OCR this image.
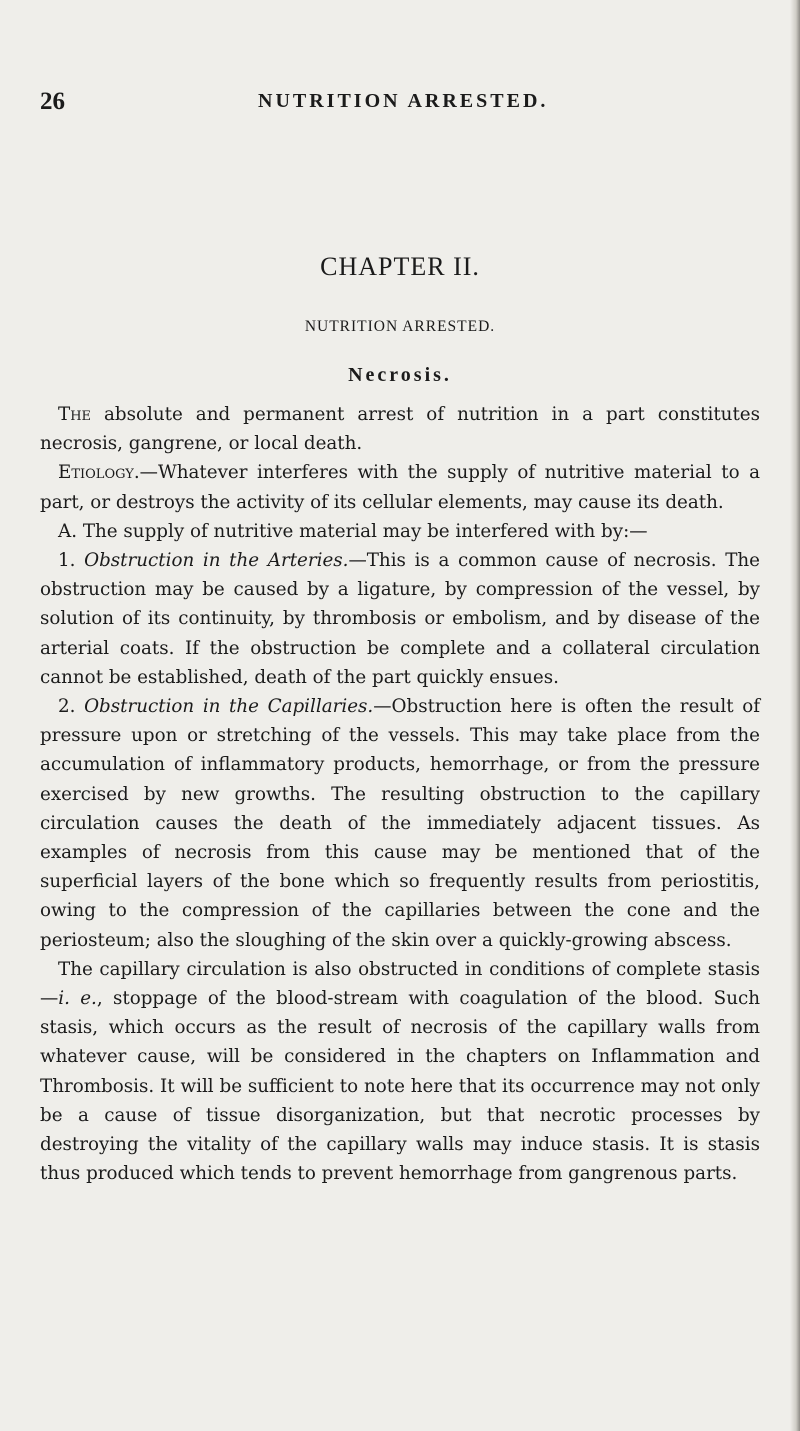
26	NUTRITION ARRESTED.
CHAPTER II.
NUTRITION ARRESTED.
Necrosis.

The absolute and permanent arrest of nutrition in a part constitutes necrosis, gangrene, or local death.

Etiology.—Whatever interferes with the supply of nutritive material to a part, or destroys the activity of its cellular elements, may cause its death.

A. The supply of nutritive material may be interfered with by:—

1. Obstruction in the Arteries.—This is a common cause of necrosis. The obstruction may be caused by a ligature, by compression of the vessel, by solution of its continuity, by thrombosis or embolism, and by disease of the arterial coats. If the obstruction be complete and a collateral circulation cannot be established, death of the part quickly ensues.

2. Obstruction in the Capillaries.—Obstruction here is often the result of pressure upon or stretching of the vessels. This may take place from the accumulation of inflammatory products, hemorrhage, or from the pressure exercised by new growths. The resulting obstruction to the capillary circulation causes the death of the immediately adjacent tissues. As examples of necrosis from this cause may be mentioned that of the superficial layers of the bone which so frequently results from periostitis, owing to the compression of the capillaries between the cone and the periosteum; also the sloughing of the skin over a quickly-growing abscess.

The capillary circulation is also obstructed in conditions of complete stasis—i. e., stoppage of the blood-stream with coagulation of the blood. Such stasis, which occurs as the result of necrosis of the capillary walls from whatever cause, will be considered in the chapters on Inflammation and Thrombosis. It will be sufficient to note here that its occurrence may not only be a cause of tissue disorganization, but that necrotic processes by destroying the vitality of the capillary walls may induce stasis. It is stasis thus produced which tends to prevent hemorrhage from gangrenous parts.
